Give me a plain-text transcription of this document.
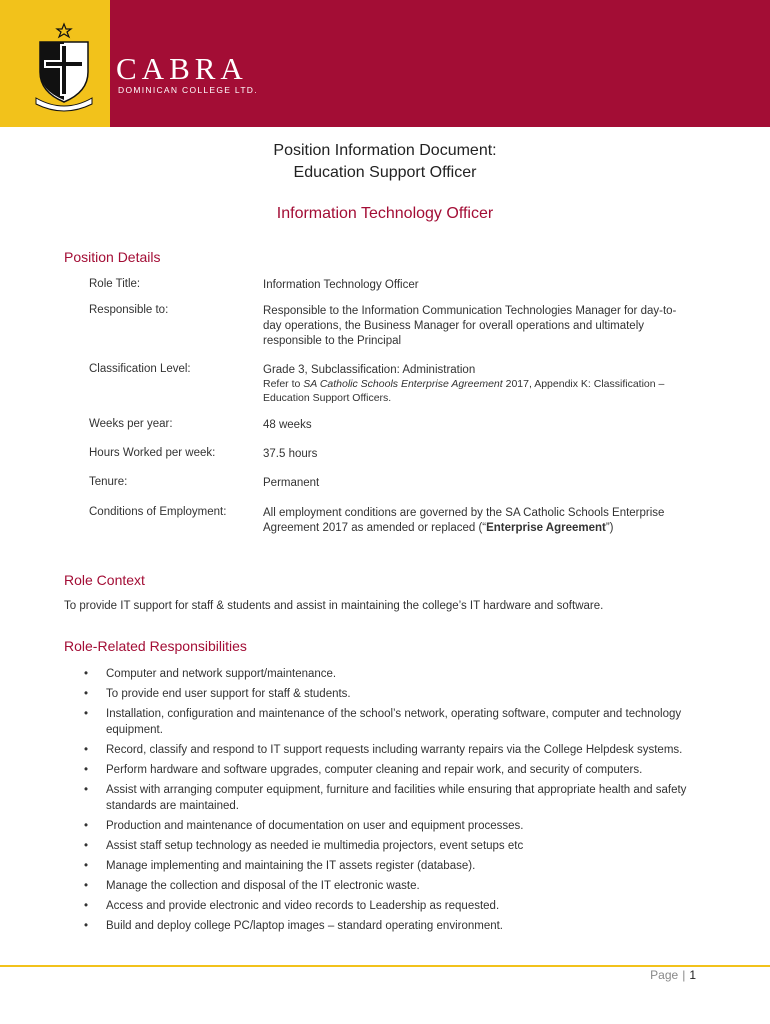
CABRA
DOMINICAN COLLEGE LTD.
Position Information Document:
Education Support Officer
Information Technology Officer
Position Details
Role Title:	Information Technology Officer
Responsible to:	Responsible to the Information Communication Technologies Manager for day-to-day operations, the Business Manager for overall operations and ultimately responsible to the Principal
Classification Level:	Grade 3, Subclassification: Administration
Refer to SA Catholic Schools Enterprise Agreement 2017, Appendix K: Classification – Education Support Officers.
Weeks per year:	48 weeks
Hours Worked per week:	37.5 hours
Tenure:	Permanent
Conditions of Employment:	All employment conditions are governed by the SA Catholic Schools Enterprise Agreement 2017 as amended or replaced (“Enterprise Agreement”)
Role Context
To provide IT support for staff & students and assist in maintaining the college’s IT hardware and software.
Role-Related Responsibilities
• Computer and network support/maintenance.
• To provide end user support for staff & students.
• Installation, configuration and maintenance of the school’s network, operating software, computer and technology equipment.
• Record, classify and respond to IT support requests including warranty repairs via the College Helpdesk systems.
• Perform hardware and software upgrades, computer cleaning and repair work, and security of computers.
• Assist with arranging computer equipment, furniture and facilities while ensuring that appropriate health and safety standards are maintained.
• Production and maintenance of documentation on user and equipment processes.
• Assist staff setup technology as needed ie multimedia projectors, event setups etc
• Manage implementing and maintaining the IT assets register (database).
• Manage the collection and disposal of the IT electronic waste.
• Access and provide electronic and video records to Leadership as requested.
• Build and deploy college PC/laptop images – standard operating environment.
Page | 1
